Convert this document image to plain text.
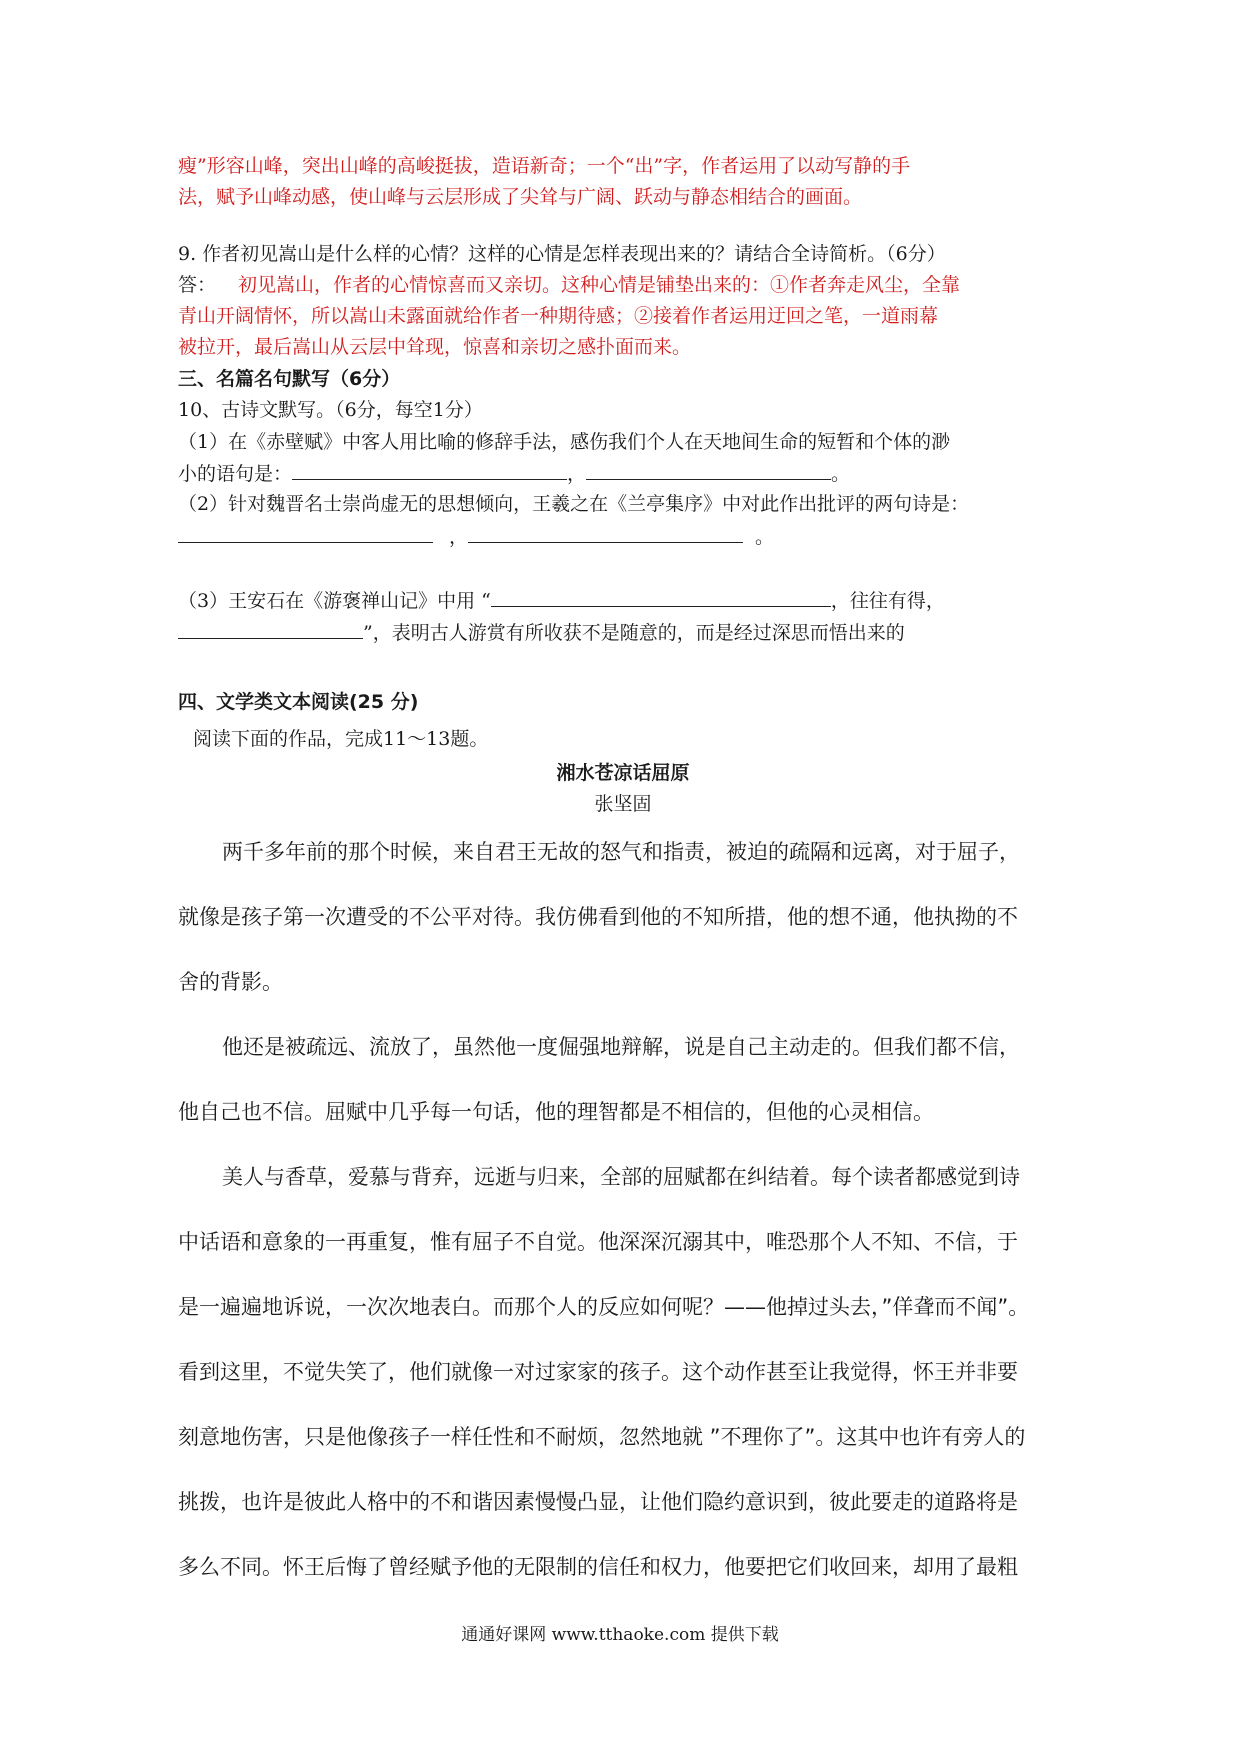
瘦”形容山峰，突出山峰的高峻挺拔，造语新奇；一个“出”字，作者运用了以动写静的手

法，赋予山峰动感，使山峰与云层形成了尖耸与广阔、跃动与静态相结合的画面。

9. 作者初见嵩山是什么样的心情？这样的心情是怎样表现出来的？请结合全诗简析。（6分）

答： 初见嵩山，作者的心情惊喜而又亲切。这种心情是铺垫出来的：①作者奔走风尘，全靠

青山开阔情怀，所以嵩山未露面就给作者一种期待感；②接着作者运用迂回之笔，一道雨幕

被拉开，最后嵩山从云层中耸现，惊喜和亲切之感扑面而来。

三、名篇名句默写（6分）

10、古诗文默写。（6分，每空1分）

（1）在《赤壁赋》中客人用比喻的修辞手法，感伤我们个人在天地间生命的短暂和个体的渺

小的语句是：	，	。

（2）针对魏晋名士崇尚虚无的思想倾向，王羲之在《兰亭集序》中对此作出批评的两句诗是：

，	。

（3）王安石在《游褒禅山记》中用 “	，往往有得，

”，表明古人游赏有所收获不是随意的，而是经过深思而悟出来的

四、文学类文本阅读(25 分)

阅读下面的作品，完成11～13题。

湘水苍凉话屈原

张坚固

两千多年前的那个时候，来自君王无故的怒气和指责，被迫的疏隔和远离，对于屈子，

就像是孩子第一次遭受的不公平对待。我仿佛看到他的不知所措，他的想不通，他执拗的不

舍的背影。

他还是被疏远、流放了，虽然他一度倔强地辩解，说是自己主动走的。但我们都不信，

他自己也不信。屈赋中几乎每一句话，他的理智都是不相信的，但他的心灵相信。

美人与香草，爱慕与背弃，远逝与归来，全部的屈赋都在纠结着。每个读者都感觉到诗

中话语和意象的一再重复，惟有屈子不自觉。他深深沉溺其中，唯恐那个人不知、不信，于

是一遍遍地诉说，一次次地表白。而那个人的反应如何呢？——他掉过头去，”佯聋而不闻”。

看到这里，不觉失笑了，他们就像一对过家家的孩子。这个动作甚至让我觉得，怀王并非要

刻意地伤害，只是他像孩子一样任性和不耐烦，忽然地就 ”不理你了”。这其中也许有旁人的

挑拨，也许是彼此人格中的不和谐因素慢慢凸显，让他们隐约意识到，彼此要走的道路将是

多么不同。怀王后悔了曾经赋予他的无限制的信任和权力，他要把它们收回来，却用了最粗

通通好课网 www.tthaoke.com 提供下载
